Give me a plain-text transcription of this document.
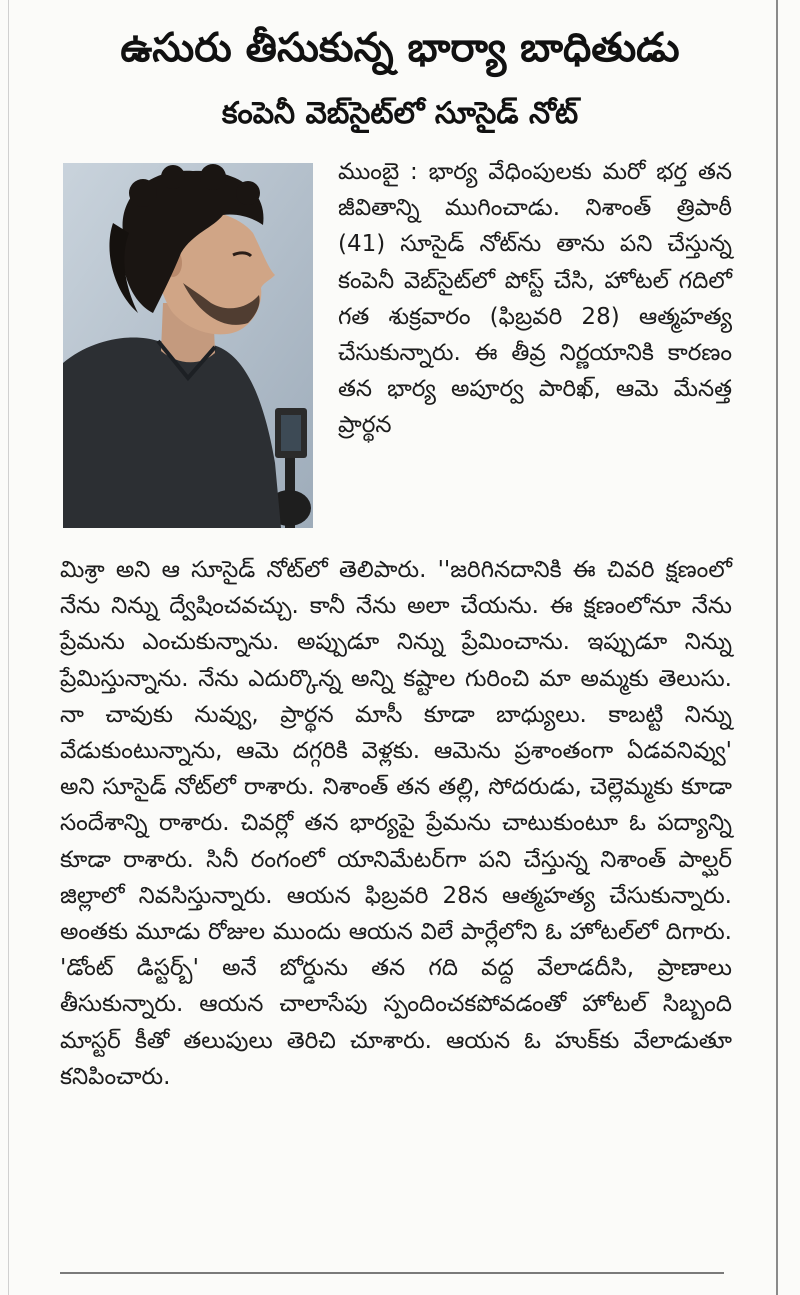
ఉసురు తీసుకున్న భార్యా బాధితుడు
కంపెనీ వెబ్‌సైట్‌లో సూసైడ్ నోట్
ముంబై : భార్య వేధింపులకు మరో భర్త తన జీవితాన్ని ముగించాడు. నిశాంత్ త్రిపాఠీ (41) సూసైడ్ నోట్‌ను తాను పని చేస్తున్న కంపెనీ వెబ్‌సైట్‌లో పోస్ట్ చేసి, హోటల్ గదిలో గత శుక్రవారం (ఫిబ్రవరి 28) ఆత్మహత్య చేసుకున్నారు. ఈ తీవ్ర నిర్ణయానికి కారణం తన భార్య అపూర్వ పారిఖ్, ఆమె మేనత్త ప్రార్థన
మిశ్రా అని ఆ సూసైడ్ నోట్‌లో తెలిపారు. ''జరిగినదానికి ఈ చివరి క్షణంలో నేను నిన్ను ద్వేషించవచ్చు. కానీ నేను అలా చేయను. ఈ క్షణంలోనూ నేను ప్రేమను ఎంచుకున్నాను. అప్పుడూ నిన్ను ప్రేమించాను. ఇప్పుడూ నిన్ను ప్రేమిస్తున్నాను. నేను ఎదుర్కొన్న అన్ని కష్టాల గురించి మా అమ్మకు తెలుసు. నా చావుకు నువ్వు, ప్రార్థన మాసీ కూడా బాధ్యులు. కాబట్టి నిన్ను వేడుకుంటున్నాను, ఆమె దగ్గరికి వెళ్లకు. ఆమెను ప్రశాంతంగా ఏడవనివ్వు' అని సూసైడ్ నోట్‌లో రాశారు. నిశాంత్ తన తల్లి, సోదరుడు, చెల్లెమ్మకు కూడా సందేశాన్ని రాశారు. చివర్లో తన భార్యపై ప్రేమను చాటుకుంటూ ఓ పద్యాన్ని కూడా రాశారు. సినీ రంగంలో యానిమేటర్‌గా పని చేస్తున్న నిశాంత్ పాల్ఘర్ జిల్లాలో నివసిస్తున్నారు. ఆయన ఫిబ్రవరి 28న ఆత్మహత్య చేసుకున్నారు. అంతకు మూడు రోజుల ముందు ఆయన విలే పార్లేలోని ఓ హోటల్‌లో దిగారు. 'డోంట్ డిస్టర్బ్' అనే బోర్డును తన గది వద్ద వేలాడదీసి, ప్రాణాలు తీసుకున్నారు. ఆయన చాలాసేపు స్పందించకపోవడంతో హోటల్ సిబ్బంది మాస్టర్ కీతో తలుపులు తెరిచి చూశారు. ఆయన ఓ హుక్‌కు వేలాడుతూ కనిపించారు.
